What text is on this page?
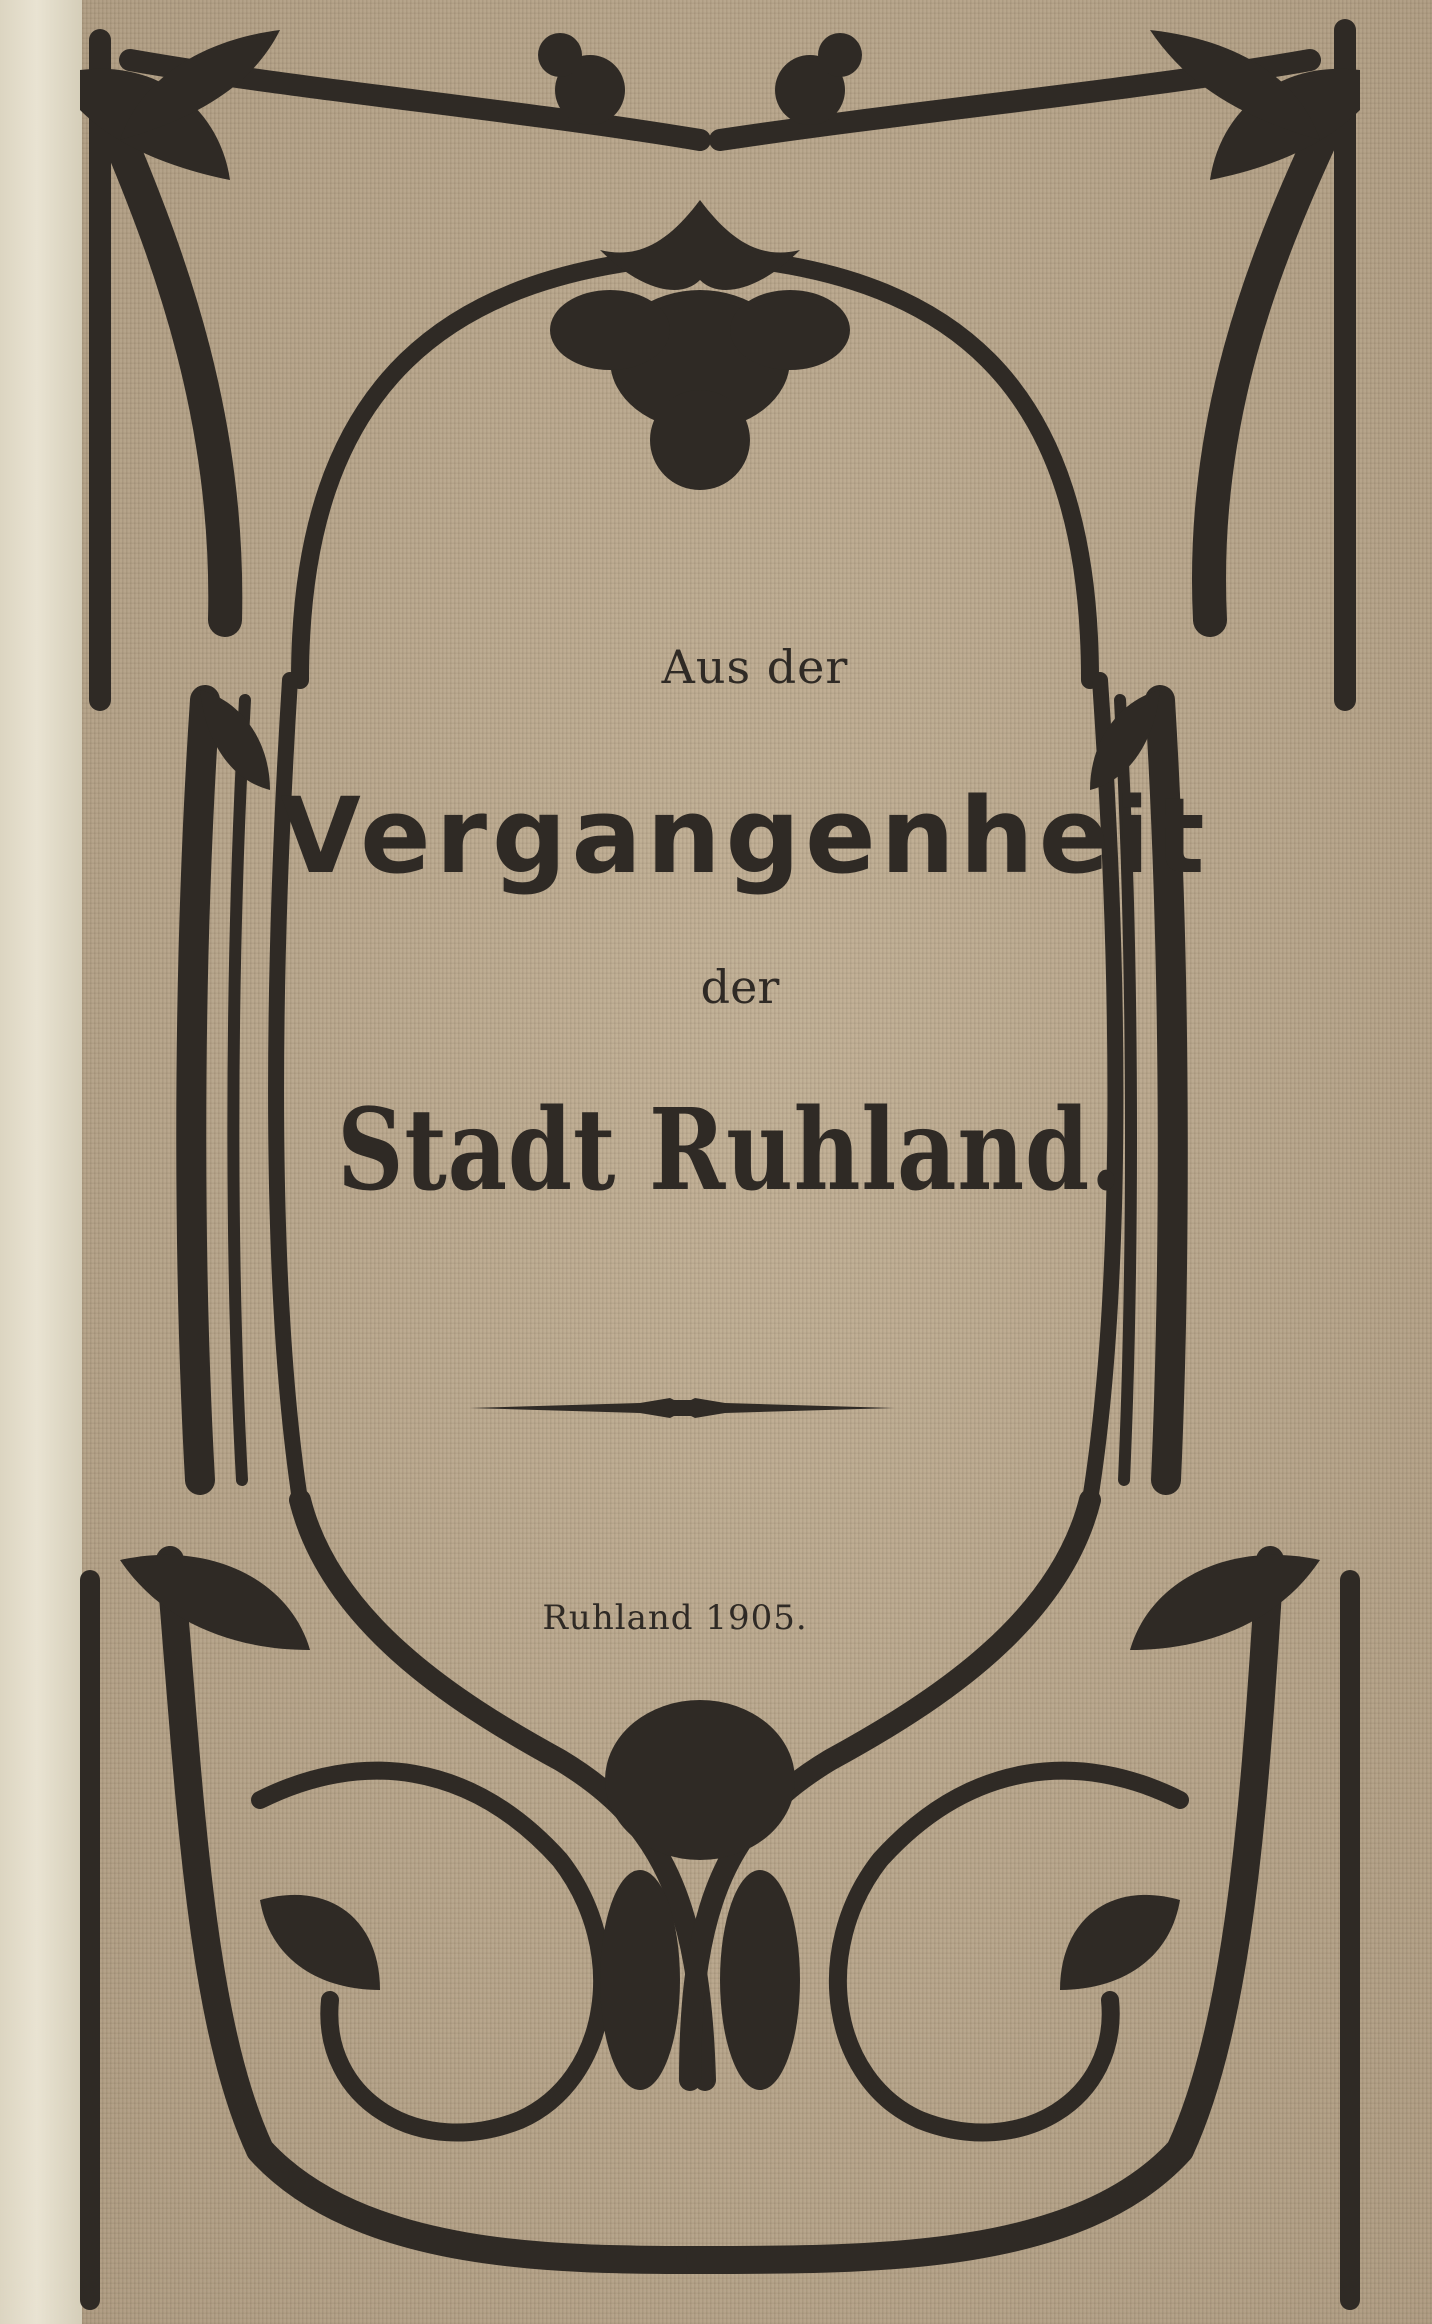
Aus der
Vergangenheit
der
Stadt Ruhland.
Ruhland 1905.
